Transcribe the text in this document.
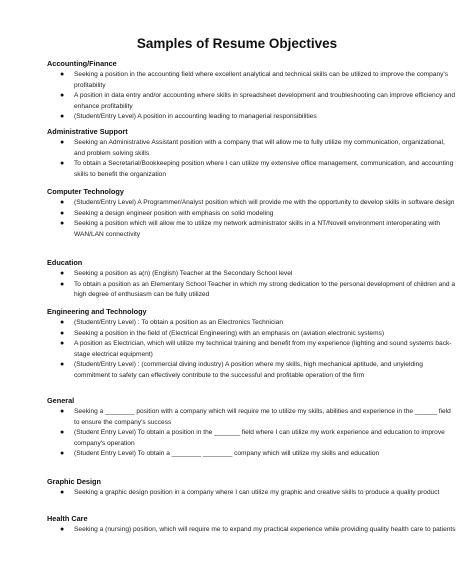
Samples of Resume Objectives
Accounting/Finance
● Seeking a position in the accounting field where excellent analytical and technical skills can be utilized to improve the company's profitability
● A position in data entry and/or accounting where skills in spreadsheet development and troubleshooting can improve efficiency and enhance profitability
● (Student/Entry Level) A position in accounting leading to managerial responsibilities
Administrative Support
● Seeking an Administrative Assistant position with a company that will allow me to fully utilize my communication, organizational, and problem solving skills
● To obtain a Secretarial/Bookkeeping position where I can utilize my extensive office management, communication, and accounting skills to benefit the organization
Computer Technology
● (Student/Entry Level) A Programmer/Analyst position which will provide me with the opportunity to develop skills in software design
● Seeking a design engineer position with emphasis on solid modeling
● Seeking a position which will allow me to utilize my network administrator skills in a NT/Novell environment interoperating with WAN/LAN connectivity
Education
● Seeking a position as a(n) (English) Teacher at the Secondary School level
● To obtain a position as an Elementary School Teacher in which my strong dedication to the personal development of children and a high degree of enthusiasm can be fully utilized
Engineering and Technology
● (Student/Entry Level) : To obtain a position as an Electronics Technician
● Seeking a position in the field of (Electrical Engineering) with an emphasis on (aviation electronic systems)
● A position as Electrician, which will utilize my technical training and benefit from my experience (lighting and sound systems back-stage electrical equipment)
● (Student/Entry Level) : (commercial diving industry) A position where my skills, high mechanical aptitude, and unyielding commitment to safety can effectively contribute to the successful and profitable operation of the firm
General
● Seeking a ________ position with a company which will require me to utilize my skills, abilities and experience in the ______ field to ensure the company's success
● (Student Entry Level) To obtain a position in the _______ field where I can utilize my work experience and education to improve company's operation
● (Student Entry Level) To obtain a ________ ________ company which will utilize my skills and education
Graphic Design
● Seeking a graphic design position in a company where I can utilize my graphic and creative skills to produce a quality product
Health Care
● Seeking a (nursing) position, which will require me to expand my practical experience while providing quality health care to patients
